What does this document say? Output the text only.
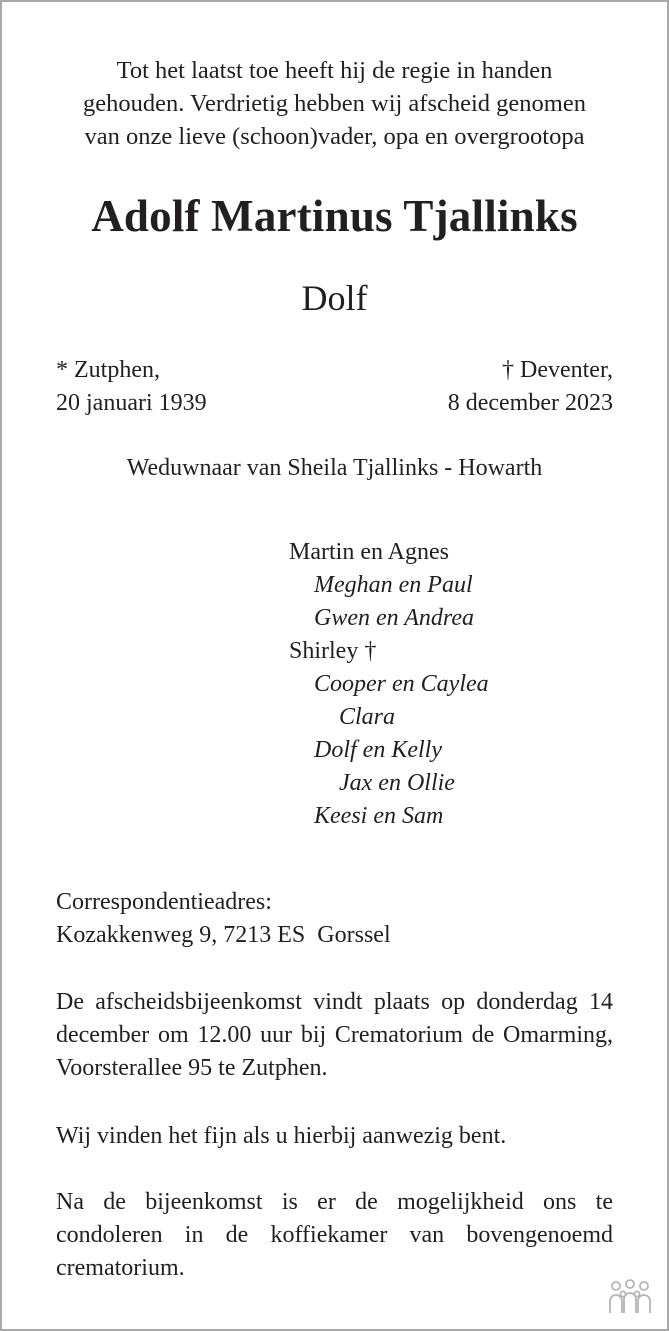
Tot het laatst toe heeft hij de regie in handen
gehouden. Verdrietig hebben wij afscheid genomen
van onze lieve (schoon)vader, opa en overgrootopa
Adolf Martinus Tjallinks
Dolf
* Zutphen,
20 januari 1939
† Deventer,
8 december 2023
Weduwnaar van Sheila Tjallinks - Howarth
Martin en Agnes
Meghan en Paul
Gwen en Andrea
Shirley †
Cooper en Caylea
Clara
Dolf en Kelly
Jax en Ollie
Keesi en Sam
Correspondentieadres:
Kozakkenweg 9, 7213 ES  Gorssel
De afscheidsbijeenkomst vindt plaats op donderdag 14 december om 12.00 uur bij Crematorium de Omarming, Voorsterallee 95 te Zutphen.
Wij vinden het fijn als u hierbij aanwezig bent.
Na de bijeenkomst is er de mogelijkheid ons te condoleren in de koffiekamer van bovengenoemd crematorium.
